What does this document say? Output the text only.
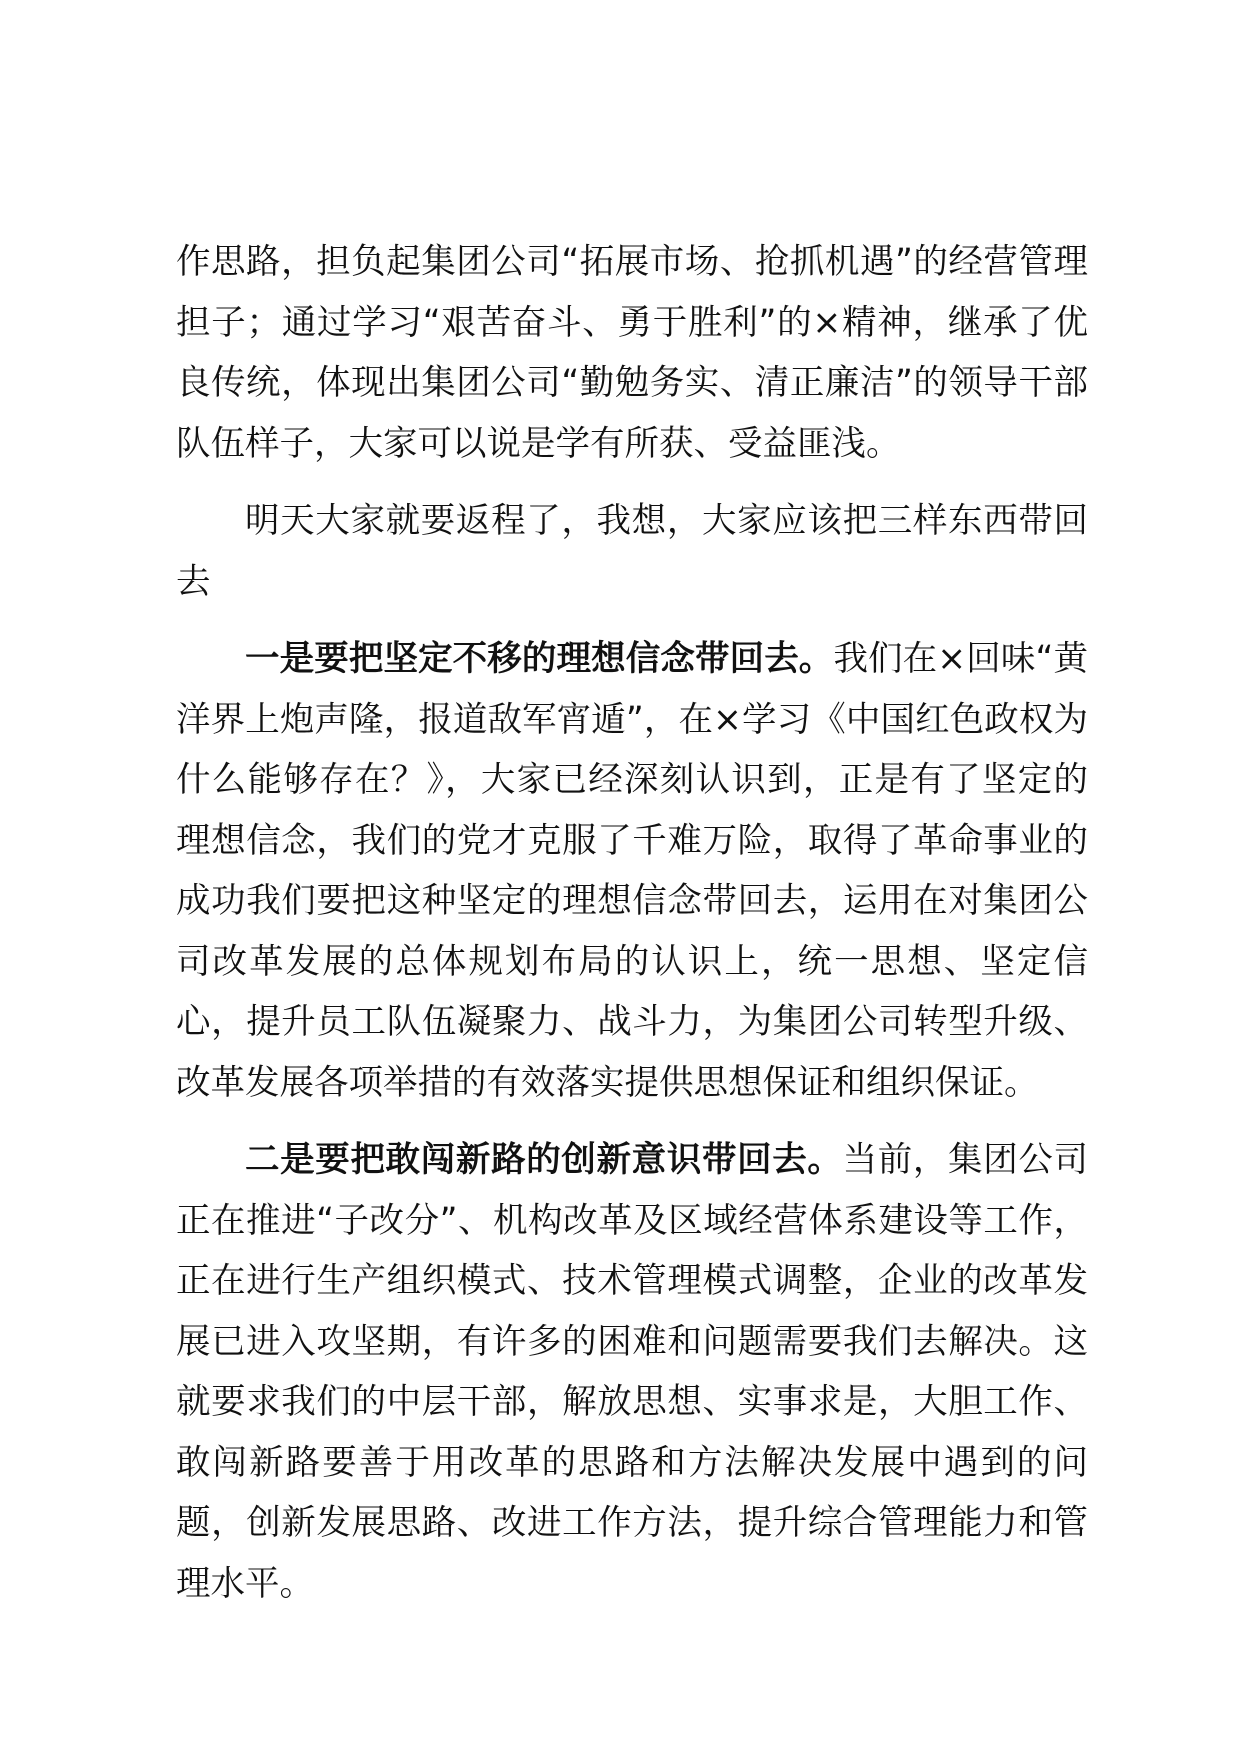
作思路，担负起集团公司“拓展市场、抢抓机遇”的经营管理担子；通过学习“艰苦奋斗、勇于胜利”的×精神，继承了优良传统，体现出集团公司“勤勉务实、清正廉洁”的领导干部队伍样子，大家可以说是学有所获、受益匪浅。

明天大家就要返程了，我想，大家应该把三样东西带回去

一是要把坚定不移的理想信念带回去。我们在×回味“黄洋界上炮声隆，报道敌军宵遁”，在×学习《中国红色政权为什么能够存在？》，大家已经深刻认识到，正是有了坚定的理想信念，我们的党才克服了千难万险，取得了革命事业的成功我们要把这种坚定的理想信念带回去，运用在对集团公司改革发展的总体规划布局的认识上，统一思想、坚定信心，提升员工队伍凝聚力、战斗力，为集团公司转型升级、改革发展各项举措的有效落实提供思想保证和组织保证。

二是要把敢闯新路的创新意识带回去。当前，集团公司正在推进“子改分”、机构改革及区域经营体系建设等工作，正在进行生产组织模式、技术管理模式调整，企业的改革发展已进入攻坚期，有许多的困难和问题需要我们去解决。这就要求我们的中层干部，解放思想、实事求是，大胆工作、敢闯新路要善于用改革的思路和方法解决发展中遇到的问题，创新发展思路、改进工作方法，提升综合管理能力和管理水平。
